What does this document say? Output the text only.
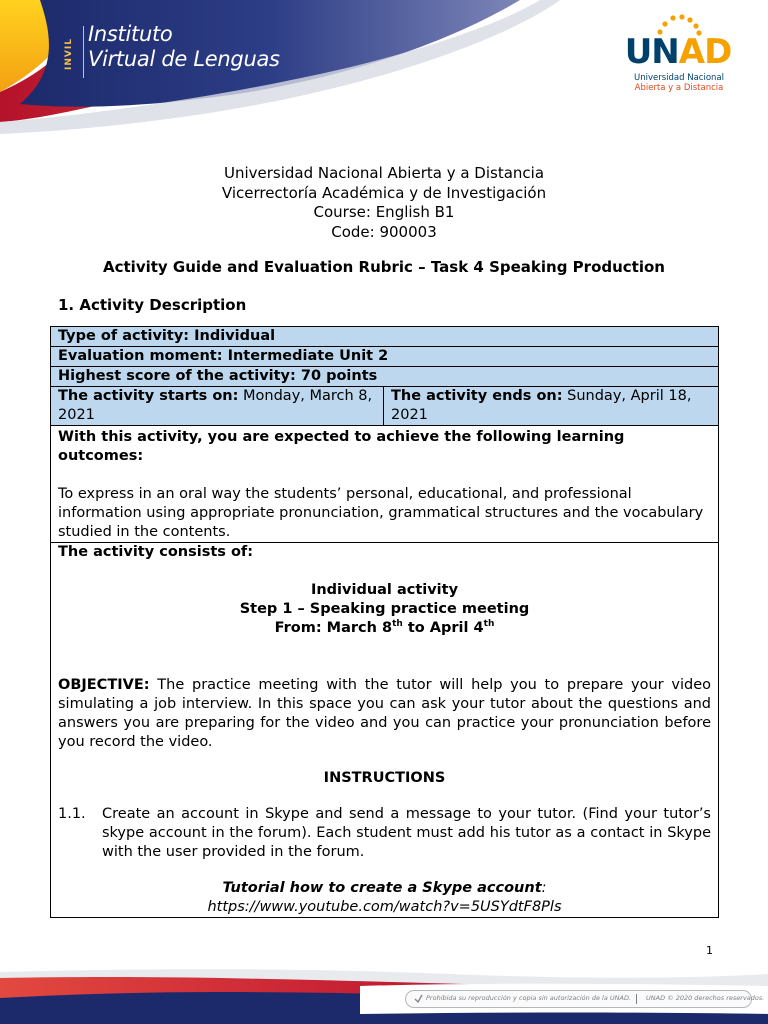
INVIL
Instituto
Virtual de Lenguas	UNAD
Universidad Nacional
Abierta y a Distancia
Universidad Nacional Abierta y a Distancia
Vicerrectoría Académica y de Investigación
Course: English B1
Code: 900003
Activity Guide and Evaluation Rubric – Task 4 Speaking Production
1. Activity Description
Type of activity: Individual
Evaluation moment: Intermediate Unit 2
Highest score of the activity: 70 points
The activity starts on: Monday, March 8, 2021	The activity ends on: Sunday, April 18, 2021

With this activity, you are expected to achieve the following learning outcomes:
To express in an oral way the students’ personal, educational, and professional information using appropriate pronunciation, grammatical structures and the vocabulary studied in the contents.

The activity consists of:
Individual activity
Step 1 – Speaking practice meeting
From: March 8th to April 4th
OBJECTIVE: The practice meeting with the tutor will help you to prepare your video simulating a job interview. In this space you can ask your tutor about the questions and answers you are preparing for the video and you can practice your pronunciation before you record the video.
INSTRUCTIONS
1.1.	Create an account in Skype and send a message to your tutor. (Find your tutor’s skype account in the forum). Each student must add his tutor as a contact in Skype with the user provided in the forum.
Tutorial how to create a Skype account:
https://www.youtube.com/watch?v=5USYdtF8Pls
1
Prohibida su reproducción y copia sin autorización de la UNAD. UNAD © 2020 derechos reservados.
